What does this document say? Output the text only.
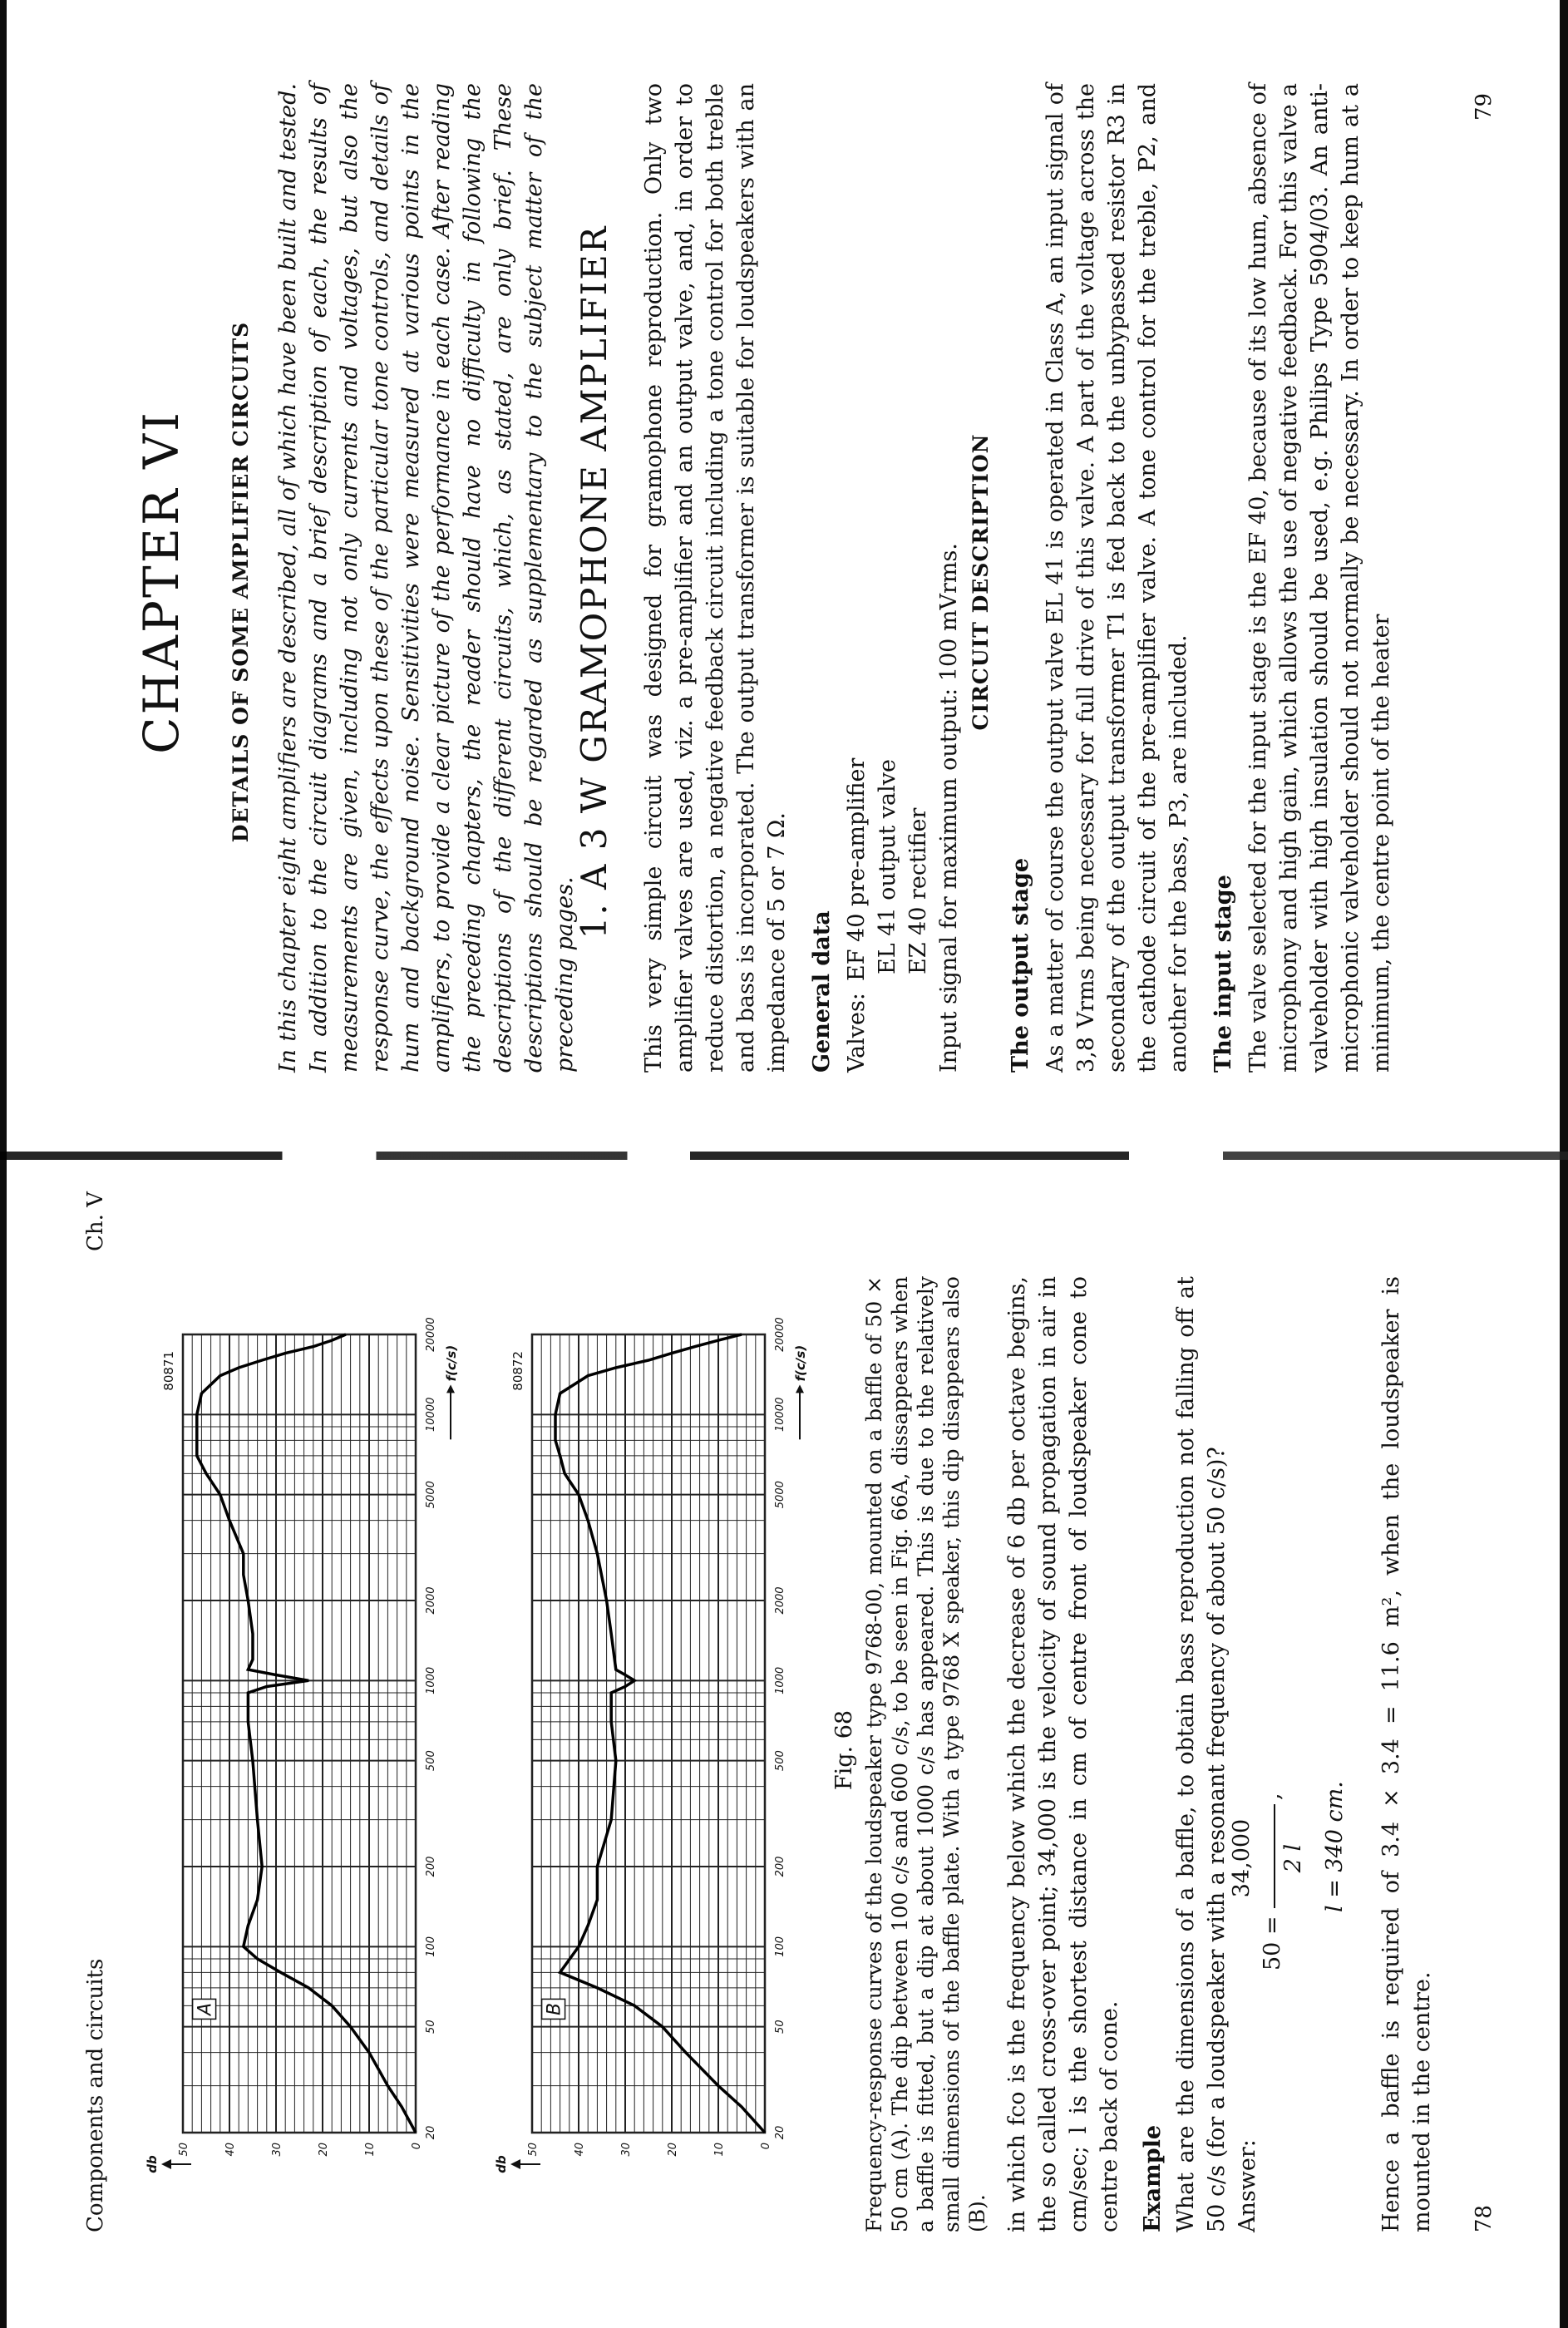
Components and circuits
Ch. V
0
10
20
30
40
50
20
50
100
200
500
1000
2000
5000
10000
20000
db
f(c/s)
80871
A
0
10
20
30
40
50
20
50
100
200
500
1000
2000
5000
10000
20000
db
f(c/s)
80872
B
Fig. 68 Frequency-response curves of the loudspeaker type 9768-00, mounted on a baffle of 50 × 50 cm (A). The dip between 100 c/s and 600 c/s, to be seen in Fig. 66A, dissappears when a baffle is fitted, but a dip at about 1000 c/s has appeared. This is due to the relatively small dimensions of the baffle plate. With a type 9768 X speaker, this dip disappears also (B). in which fco is the frequency below which the decrease of 6 db per octave begins, the so called cross-over point; 34,000 is the velocity of sound propagation in air in cm/sec; l is the shortest distance in cm of centre front of loudspeaker cone to centre back of cone. Example What are the dimensions of a baffle, to obtain bass reproduction not falling off at 50 c/s (for a loudspeaker with a resonant frequency of about 50 c/s)? Answer:

50 =
34,000
,
2 l l = 340 cm. Hence a baffle is required of 3.4 × 3.4 = 11.6 m², when the loudspeaker is mounted in the centre. 78
CHAPTER VI DETAILS OF SOME AMPLIFIER CIRCUITS In this chapter eight amplifiers are described, all of which have been built and tested. In addition to the circuit diagrams and a brief description of each, the results of measurements are given, including not only currents and voltages, but also the response curve, the effects upon these of the particular tone controls, and details of hum and background noise. Sensitivities were measured at various points in the amplifiers, to provide a clear picture of the performance in each case. After reading the preceding chapters, the reader should have no difficulty in following the descriptions of the different circuits, which, as stated, are only brief. These descriptions should be regarded as supplementary to the subject matter of the preceding pages.

1. A 3 W GRAMOPHONE AMPLIFIER This very simple circuit was designed for gramophone reproduction. Only two amplifier valves are used, viz. a pre-amplifier and an output valve, and, in order to reduce distortion, a negative feedback circuit including a tone control for both treble and bass is incorporated. The output transformer is suitable for loudspeakers with an impedance of 5 or 7 Ω. General data Valves:
EF 40 pre-amplifier EL 41 output valve EZ 40 rectifier Input signal for maximum output: 100 mVrms. CIRCUIT DESCRIPTION

The output stage As a matter of course the output valve EL 41 is operated in Class A, an input signal of 3,8 Vrms being necessary for full drive of this valve. A part of the voltage across the secondary of the output transformer T1 is fed back to the unbypassed resistor R3 in the cathode circuit of the pre-amplifier valve. A tone control for the treble, P2, and another for the bass, P3, are included. The input stage The valve selected for the input stage is the EF 40, because of its low hum, absence of microphony and high gain, which allows the use of negative feedback. For this valve a valveholder with high insulation should be used, e.g. Philips Type 5904/03. An anti-microphonic valveholder should not normally be necessary. In order to keep hum at a minimum, the centre point of the heater

79
